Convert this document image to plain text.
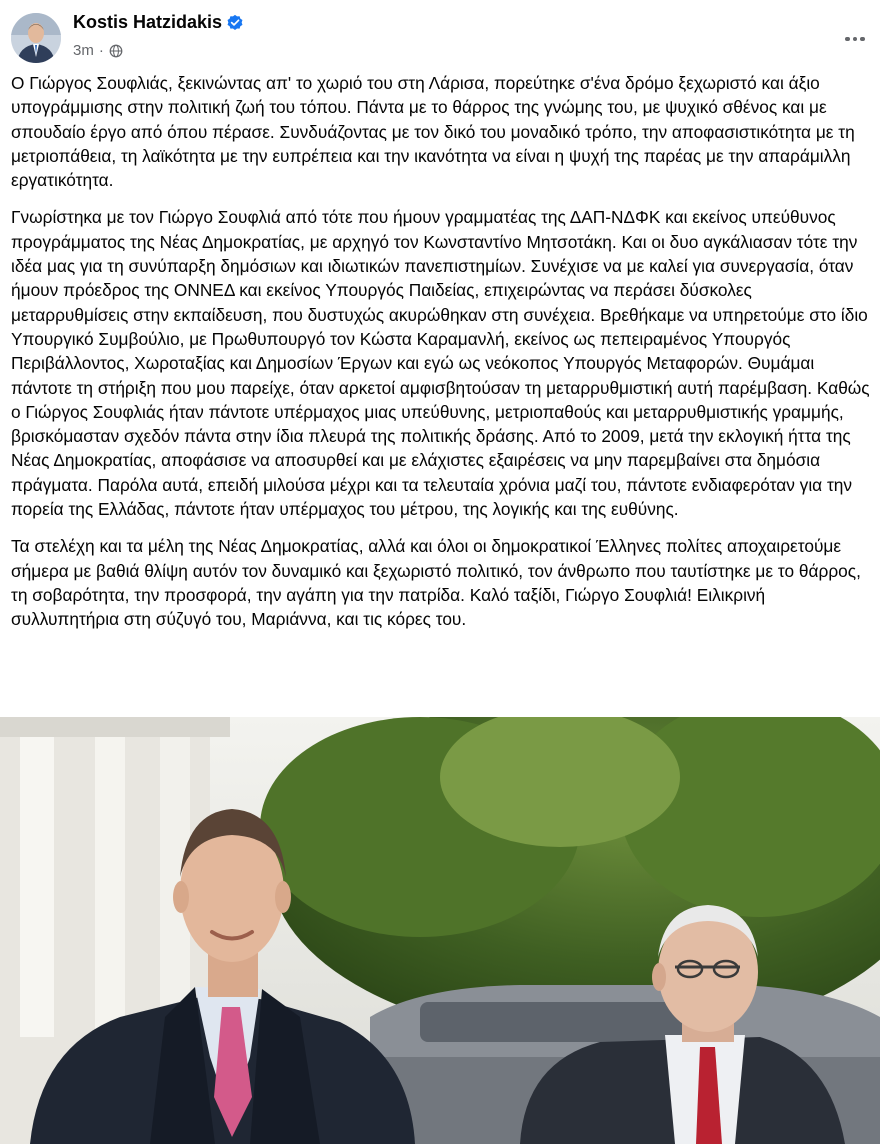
Kostis Hatzidakis
3m ·

Ο Γιώργος Σουφλιάς, ξεκινώντας απ' το χωριό του στη Λάρισα, πορεύτηκε σ'ένα δρόμο ξεχωριστό και άξιο υπογράμμισης στην πολιτική ζωή του τόπου. Πάντα με το θάρρος της γνώμης του, με ψυχικό σθένος και με σπουδαίο έργο από όπου πέρασε. Συνδυάζοντας με τον δικό του μοναδικό τρόπο, την αποφασιστικότητα με τη μετριοπάθεια, τη λαϊκότητα με την ευπρέπεια και την ικανότητα να είναι η ψυχή της παρέας με την απαράμιλλη εργατικότητα.

Γνωρίστηκα με τον Γιώργο Σουφλιά από τότε που ήμουν γραμματέας της ΔΑΠ-ΝΔΦΚ και εκείνος υπεύθυνος προγράμματος της Νέας Δημοκρατίας, με αρχηγό τον Κωνσταντίνο Μητσοτάκη. Και οι δυο αγκάλιασαν τότε την ιδέα μας για τη συνύπαρξη δημόσιων και ιδιωτικών πανεπιστημίων. Συνέχισε να με καλεί για συνεργασία, όταν ήμουν πρόεδρος της ΟΝΝΕΔ και εκείνος Υπουργός Παιδείας, επιχειρώντας να περάσει δύσκολες μεταρρυθμίσεις στην εκπαίδευση, που δυστυχώς ακυρώθηκαν στη συνέχεια. Βρεθήκαμε να υπηρετούμε στο ίδιο Υπουργικό Συμβούλιο, με Πρωθυπουργό τον Κώστα Καραμανλή, εκείνος ως πεπειραμένος Υπουργός Περιβάλλοντος, Χωροταξίας και Δημοσίων Έργων και εγώ ως νεόκοπος Υπουργός Μεταφορών. Θυμάμαι πάντοτε τη στήριξη που μου παρείχε, όταν αρκετοί αμφισβητούσαν τη μεταρρυθμιστική αυτή παρέμβαση. Καθώς ο Γιώργος Σουφλιάς ήταν πάντοτε υπέρμαχος μιας υπεύθυνης, μετριοπαθούς και μεταρρυθμιστικής γραμμής, βρισκόμασταν σχεδόν πάντα στην ίδια πλευρά της πολιτικής δράσης. Από το 2009, μετά την εκλογική ήττα της Νέας Δημοκρατίας, αποφάσισε να αποσυρθεί και με ελάχιστες εξαιρέσεις να μην παρεμβαίνει στα δημόσια πράγματα. Παρόλα αυτά, επειδή μιλούσα μέχρι και τα τελευταία χρόνια μαζί του, πάντοτε ενδιαφερόταν για την πορεία της Ελλάδας, πάντοτε ήταν υπέρμαχος του μέτρου, της λογικής και της ευθύνης.

Τα στελέχη και τα μέλη της Νέας Δημοκρατίας, αλλά και όλοι οι δημοκρατικοί Έλληνες πολίτες αποχαιρετούμε σήμερα με βαθιά θλίψη αυτόν τον δυναμικό και ξεχωριστό πολιτικό, τον άνθρωπο που ταυτίστηκε με το θάρρος, τη σοβαρότητα, την προσφορά, την αγάπη για την πατρίδα. Καλό ταξίδι, Γιώργο Σουφλιά! Ειλικρινή συλλυπητήρια στη σύζυγό του, Μαριάννα, και τις κόρες του.
